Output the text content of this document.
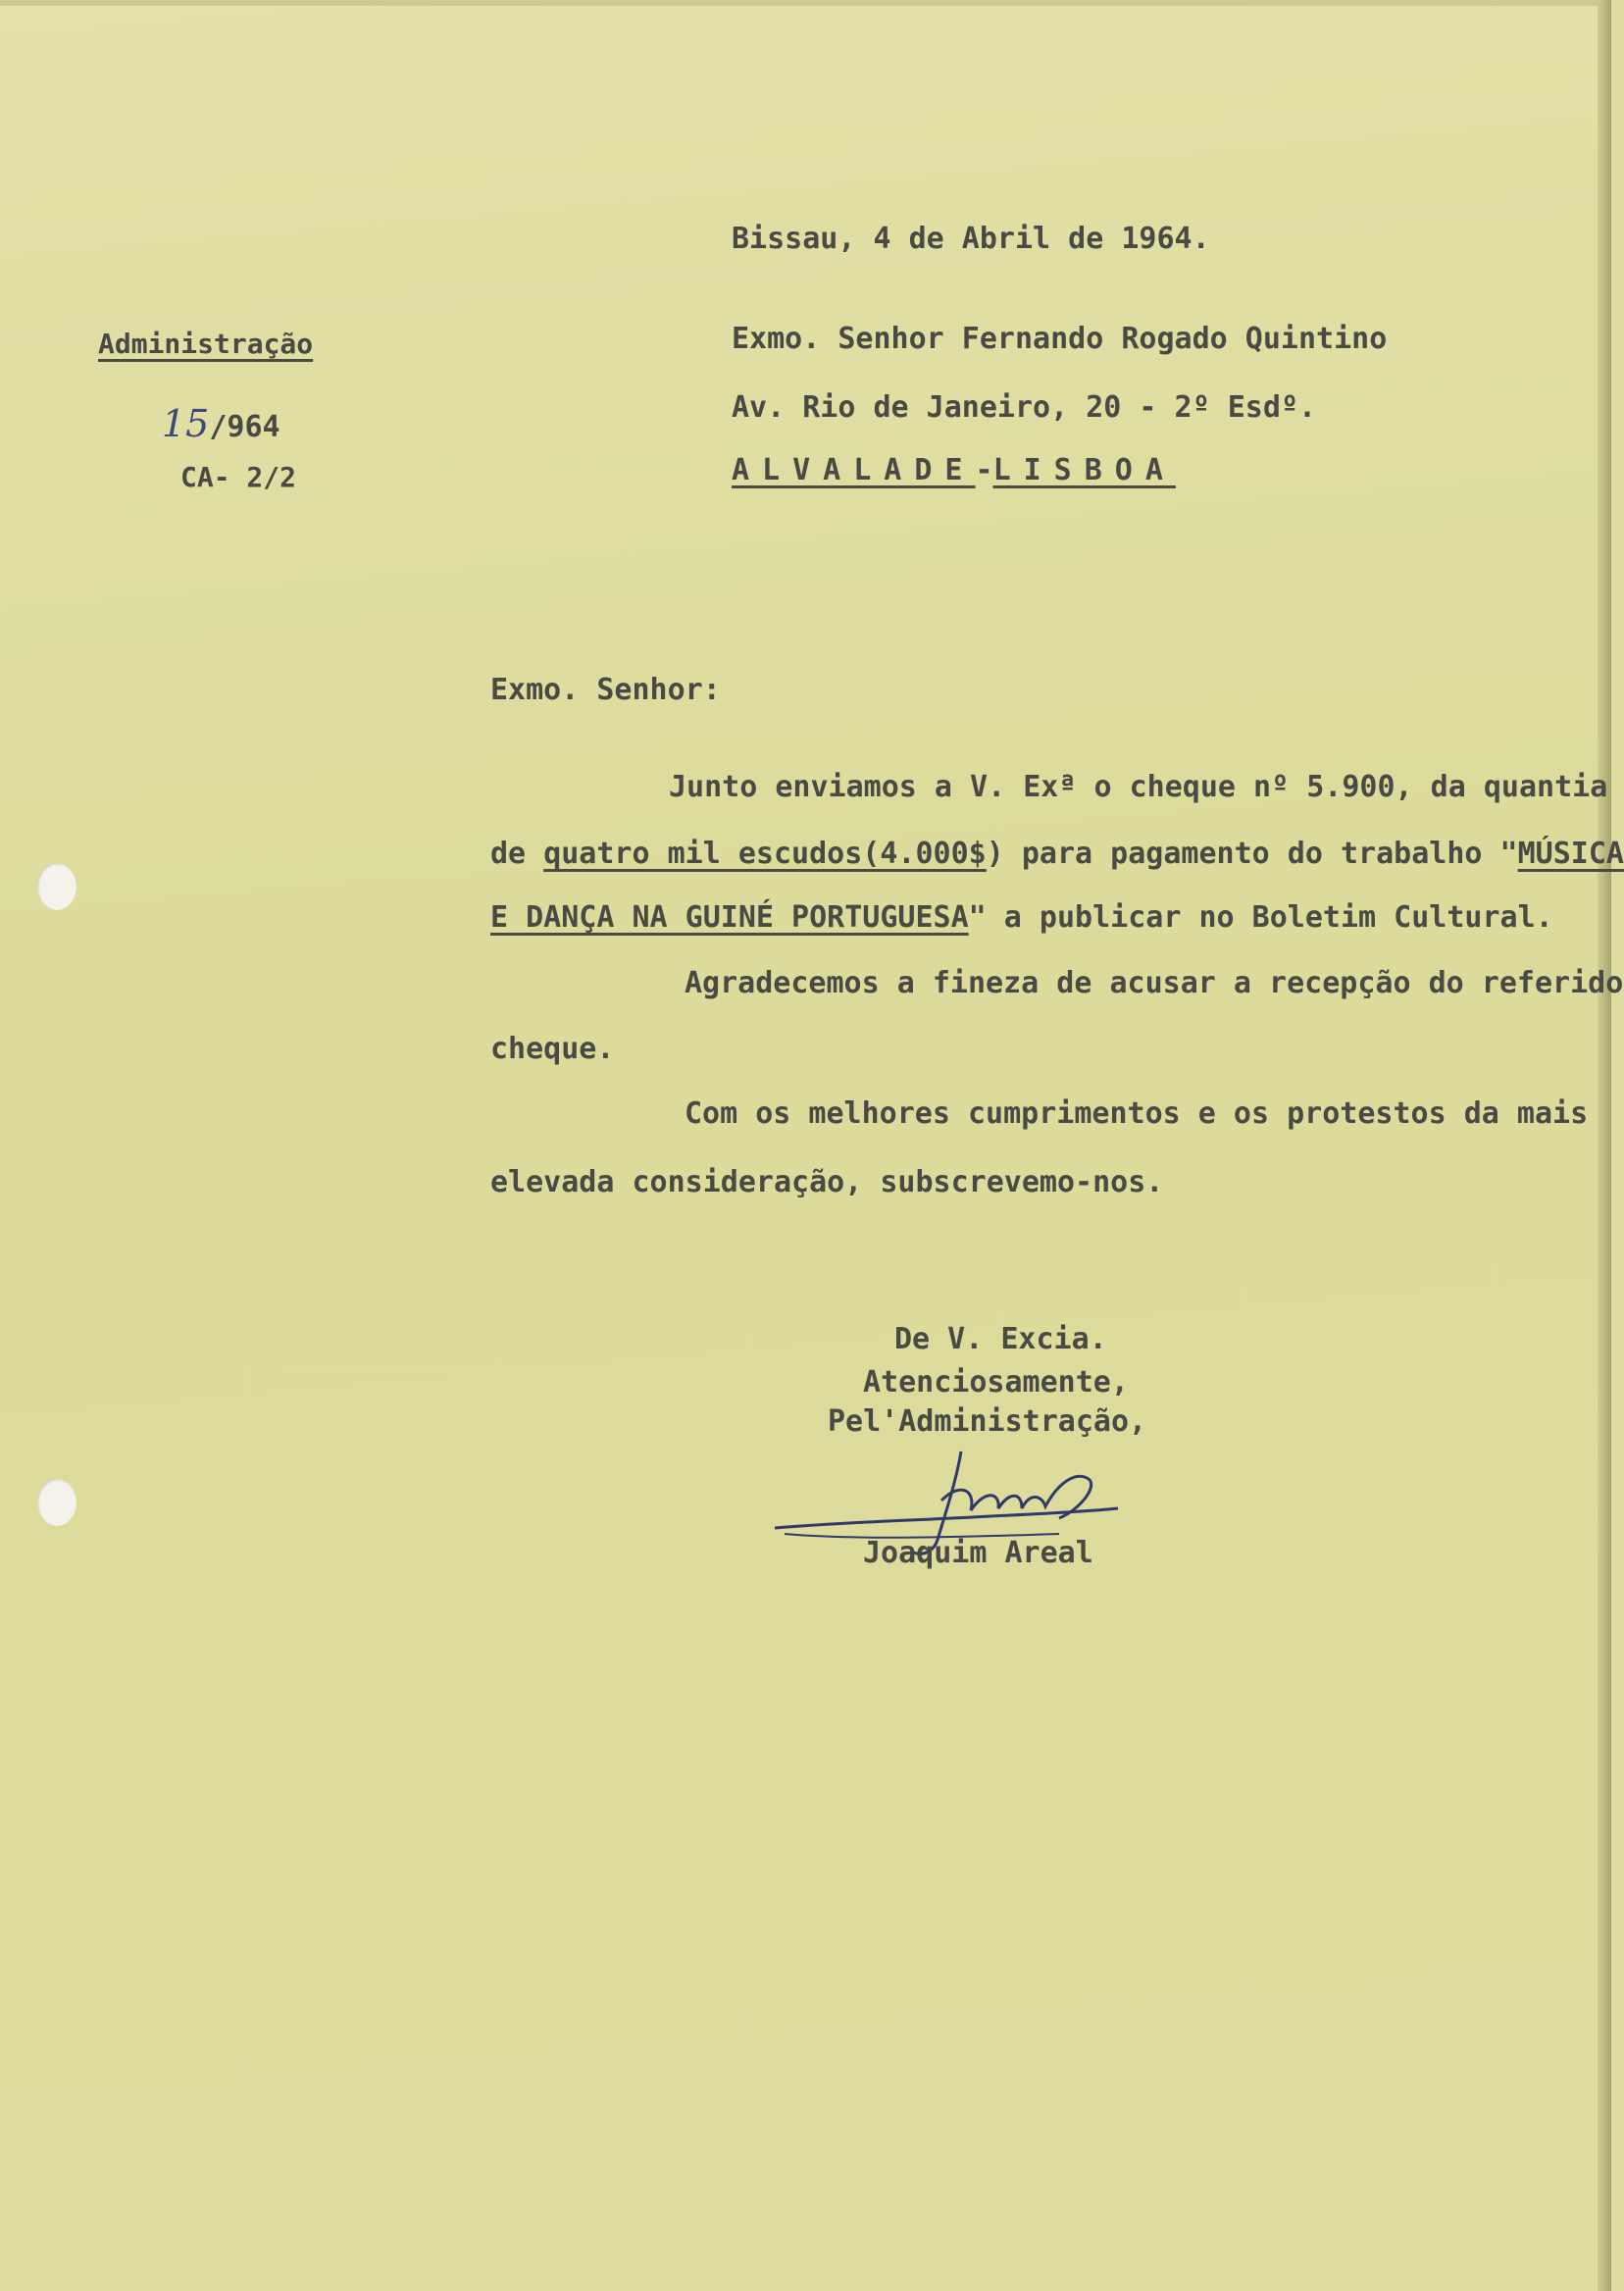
Administração

15/964

CA- 2/2

Bissau, 4 de Abril de 1964.

Exmo. Senhor Fernando Rogado Quintino

Av. Rio de Janeiro, 20 - 2º Esdº.

ALVALADE-LISBOA

Exmo. Senhor:

Junto enviamos a V. Exª o cheque nº 5.900, da quantia

de quatro mil escudos(4.000$) para pagamento do trabalho "MÚSICA

E DANÇA NA GUINÉ PORTUGUESA" a publicar no Boletim Cultural.

Agradecemos a fineza de acusar a recepção do referido

cheque.

Com os melhores cumprimentos e os protestos da mais

elevada consideração, subscrevemo-nos.

De V. Excia.

Atenciosamente,

Pel'Administração,

Joaquim Areal
